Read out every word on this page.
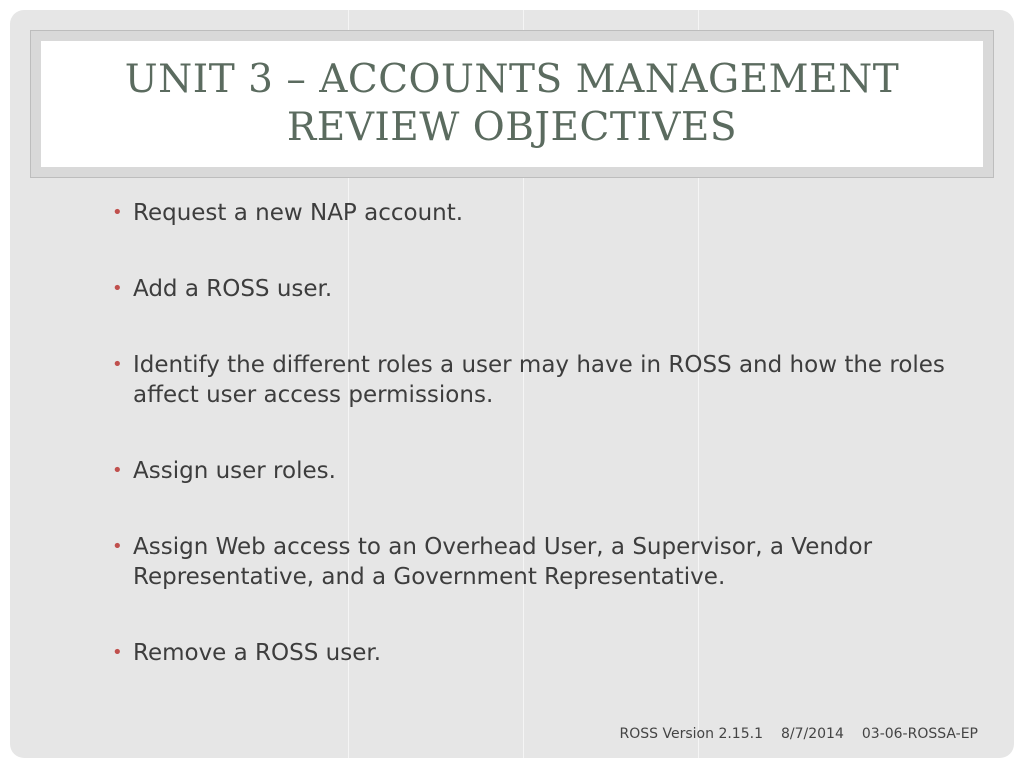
UNIT 3 – ACCOUNTS MANAGEMENT
REVIEW OBJECTIVES
• Request a new NAP account.
• Add a ROSS user.
• Identify the different roles a user may have in ROSS and how the roles affect user access permissions.
• Assign user roles.
• Assign Web access to an Overhead User, a Supervisor, a Vendor Representative, and a Government Representative.
• Remove a ROSS user.
ROSS Version 2.15.1 8/7/2014 03-06-ROSSA-EP
